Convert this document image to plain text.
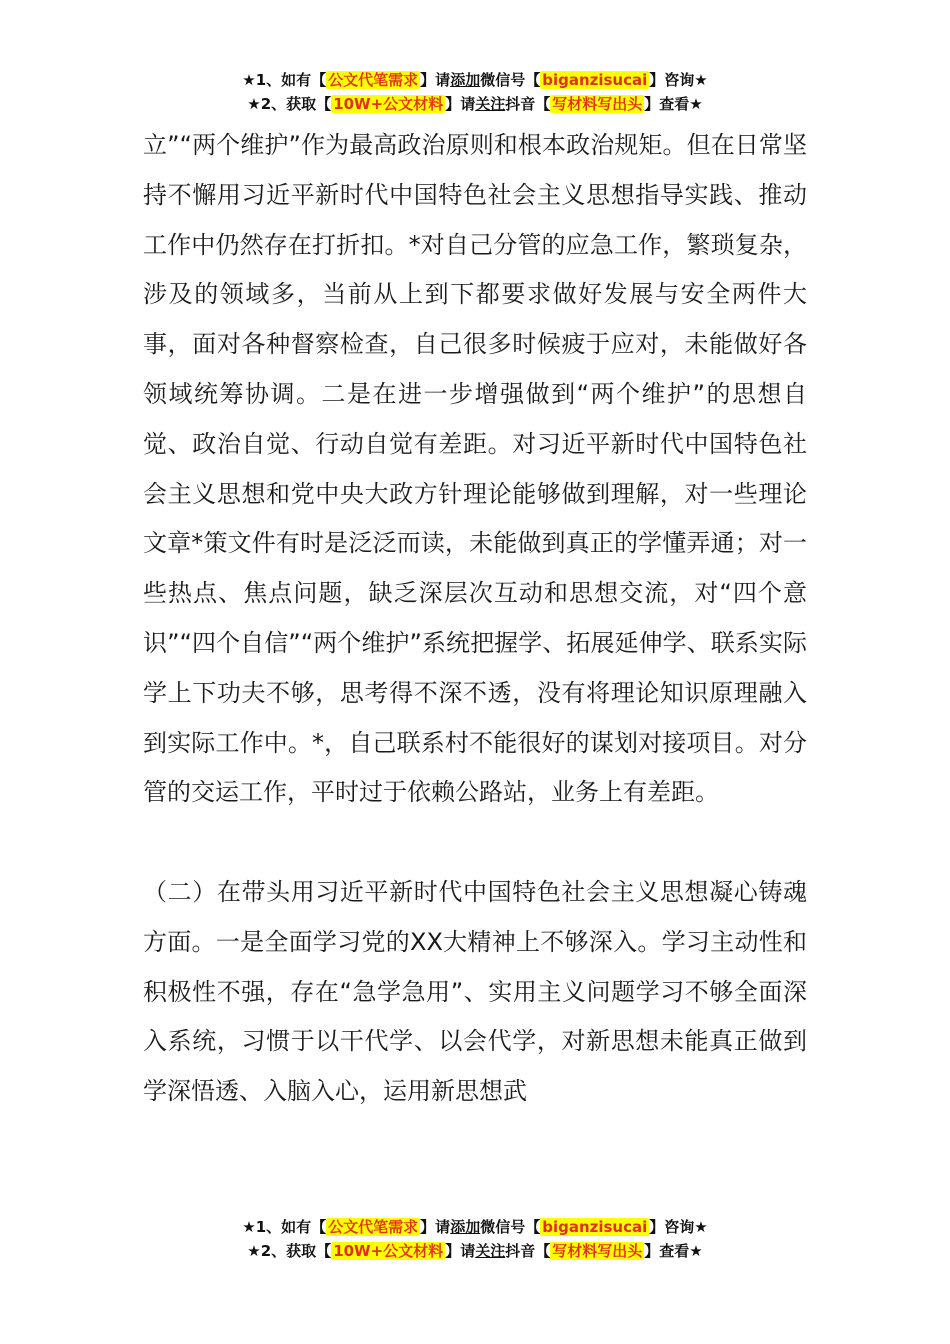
★1、如有【 公文代笔需求 】请添加微信号【 biganzisucai 】咨询★
★2、获取【 10W+公文材料 】请关注抖音【 写材料写出头 】查看★

立”“两个维护”作为最高政治原则和根本政治规矩。但在日常坚持不懈用习近平新时代中国特色社会主义思想指导实践、推动工作中仍然存在打折扣。*对自己分管的应急工作，繁琐复杂，涉及的领域多，当前从上到下都要求做好发展与安全两件大事，面对各种督察检查，自己很多时候疲于应对，未能做好各领域统筹协调。二是在进一步增强做到“两个维护”的思想自觉、政治自觉、行动自觉有差距。对习近平新时代中国特色社会主义思想和党中央大政方针理论能够做到理解，对一些理论文章*策文件有时是泛泛而读，未能做到真正的学懂弄通；对一些热点、焦点问题，缺乏深层次互动和思想交流，对“四个意识”“四个自信”“两个维护”系统把握学、拓展延伸学、联系实际学上下功夫不够，思考得不深不透，没有将理论知识原理融入到实际工作中。*，自己联系村不能很好的谋划对接项目。对分管的交运工作，平时过于依赖公路站，业务上有差距。

（二）在带头用习近平新时代中国特色社会主义思想凝心铸魂方面。一是全面学习党的XX大精神上不够深入。学习主动性和积极性不强，存在“急学急用”、实用主义问题学习不够全面深入系统，习惯于以干代学、以会代学，对新思想未能真正做到学深悟透、入脑入心，运用新思想武

★1、如有【 公文代笔需求 】请添加微信号【 biganzisucai 】咨询★
★2、获取【 10W+公文材料 】请关注抖音【 写材料写出头 】查看★
